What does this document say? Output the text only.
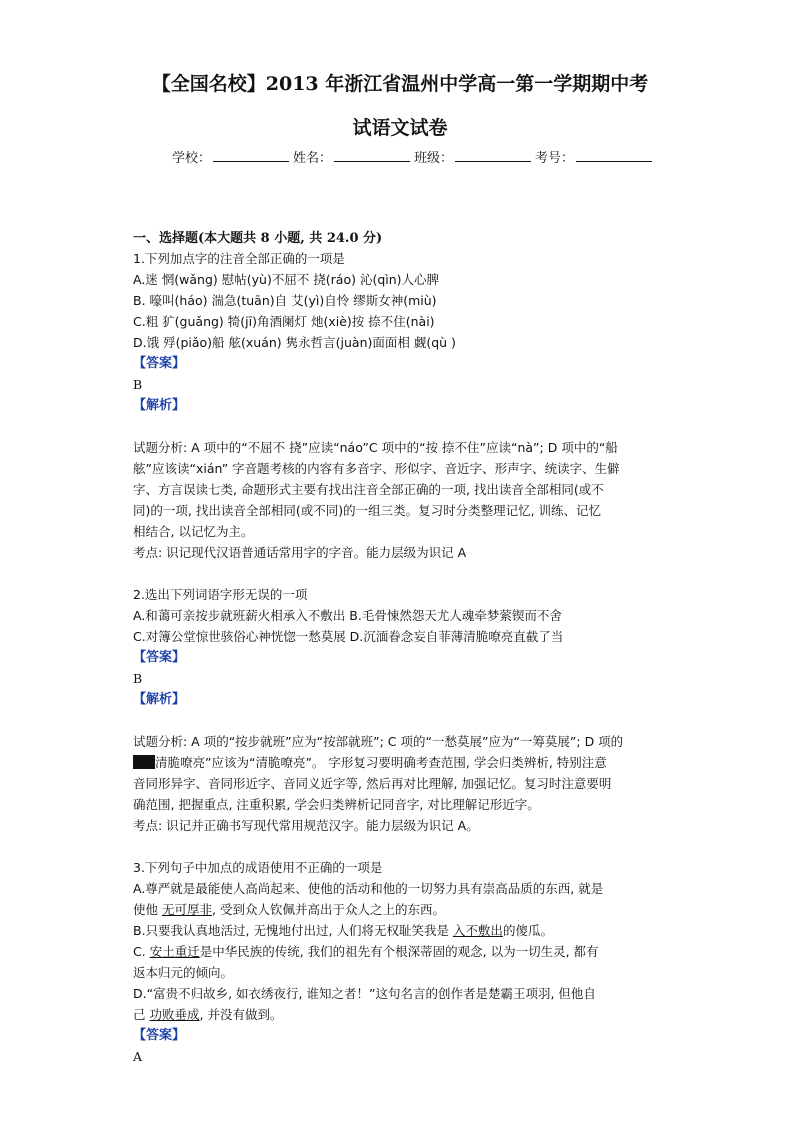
【全国名校】2013 年浙江省温州中学高一第一学期期中考
试语文试卷
学校：	姓名：	班级：	考号：
一、选择题(本大题共 8 小题, 共 24.0 分)
1.下列加点字的注音全部正确的一项是
A.迷 惘(wǎng) 慰帖(yù)不屈不 挠(ráo) 沁(qìn)人心脾
B. 嚎叫(háo) 湍急(tuān)自 艾(yì)自怜 缪斯女神(miù)
C.粗 犷(guǎng) 犄(jī)角酒阑灯 灺(xiè)按 捺不住(nài)
D.饿 殍(piǎo)船 舷(xuán) 隽永哲言(juàn)面面相 觑(qù )
【答案】
B
【解析】
试题分析: A 项中的“不屈不 挠”应读“náo”C 项中的“按 捺不住”应读“nà”; D 项中的“船
舷”应该读“xián” 字音题考核的内容有多音字、形似字、音近字、形声字、统读字、生僻
字、方言误读七类, 命题形式主要有找出注音全部正确的一项, 找出读音全部相同(或不
同)的一项, 找出读音全部相同(或不同)的一组三类。复习时分类整理记忆, 训练、记忆
相结合, 以记忆为主。
考点: 识记现代汉语普通话常用字的字音。能力层级为识记 A
2.选出下列词语字形无误的一项
A.和蔼可亲按步就班薪火相承入不敷出 B.毛骨悚然怨天尤人魂牵梦萦锲而不舍
C.对簿公堂惊世骇俗心神恍惚一愁莫展 D.沉湎眷念妄自菲薄清脆嘹亮直截了当
【答案】
B
【解析】
试题分析: A 项的“按步就班”应为“按部就班”; C 项的“一愁莫展”应为“一筹莫展”; D 项的
清脆嘹亮”应该为“清脆嘹亮”。 字形复习要明确考查范围, 学会归类辨析, 特别注意
音同形异字、音同形近字、音同义近字等, 然后再对比理解, 加强记忆。复习时注意要明
确范围, 把握重点, 注重积累, 学会归类辨析记同音字, 对比理解记形近字。
考点: 识记并正确书写现代常用规范汉字。能力层级为识记 A。
3.下列句子中加点的成语使用不正确的一项是
A.尊严就是最能使人高尚起来、使他的活动和他的一切努力具有崇高品质的东西, 就是
使他 无可厚非, 受到众人钦佩并高出于众人之上的东西。
B.只要我认真地活过, 无愧地付出过, 人们将无权耻笑我是 入不敷出的傻瓜。
C. 安土重迁是中华民族的传统, 我们的祖先有个根深蒂固的观念, 以为一切生灵, 都有
返本归元的倾向。
D.“富贵不归故乡, 如衣绣夜行, 谁知之者！”这句名言的创作者是楚霸王项羽, 但他自
己 功败垂成, 并没有做到。
【答案】
A
